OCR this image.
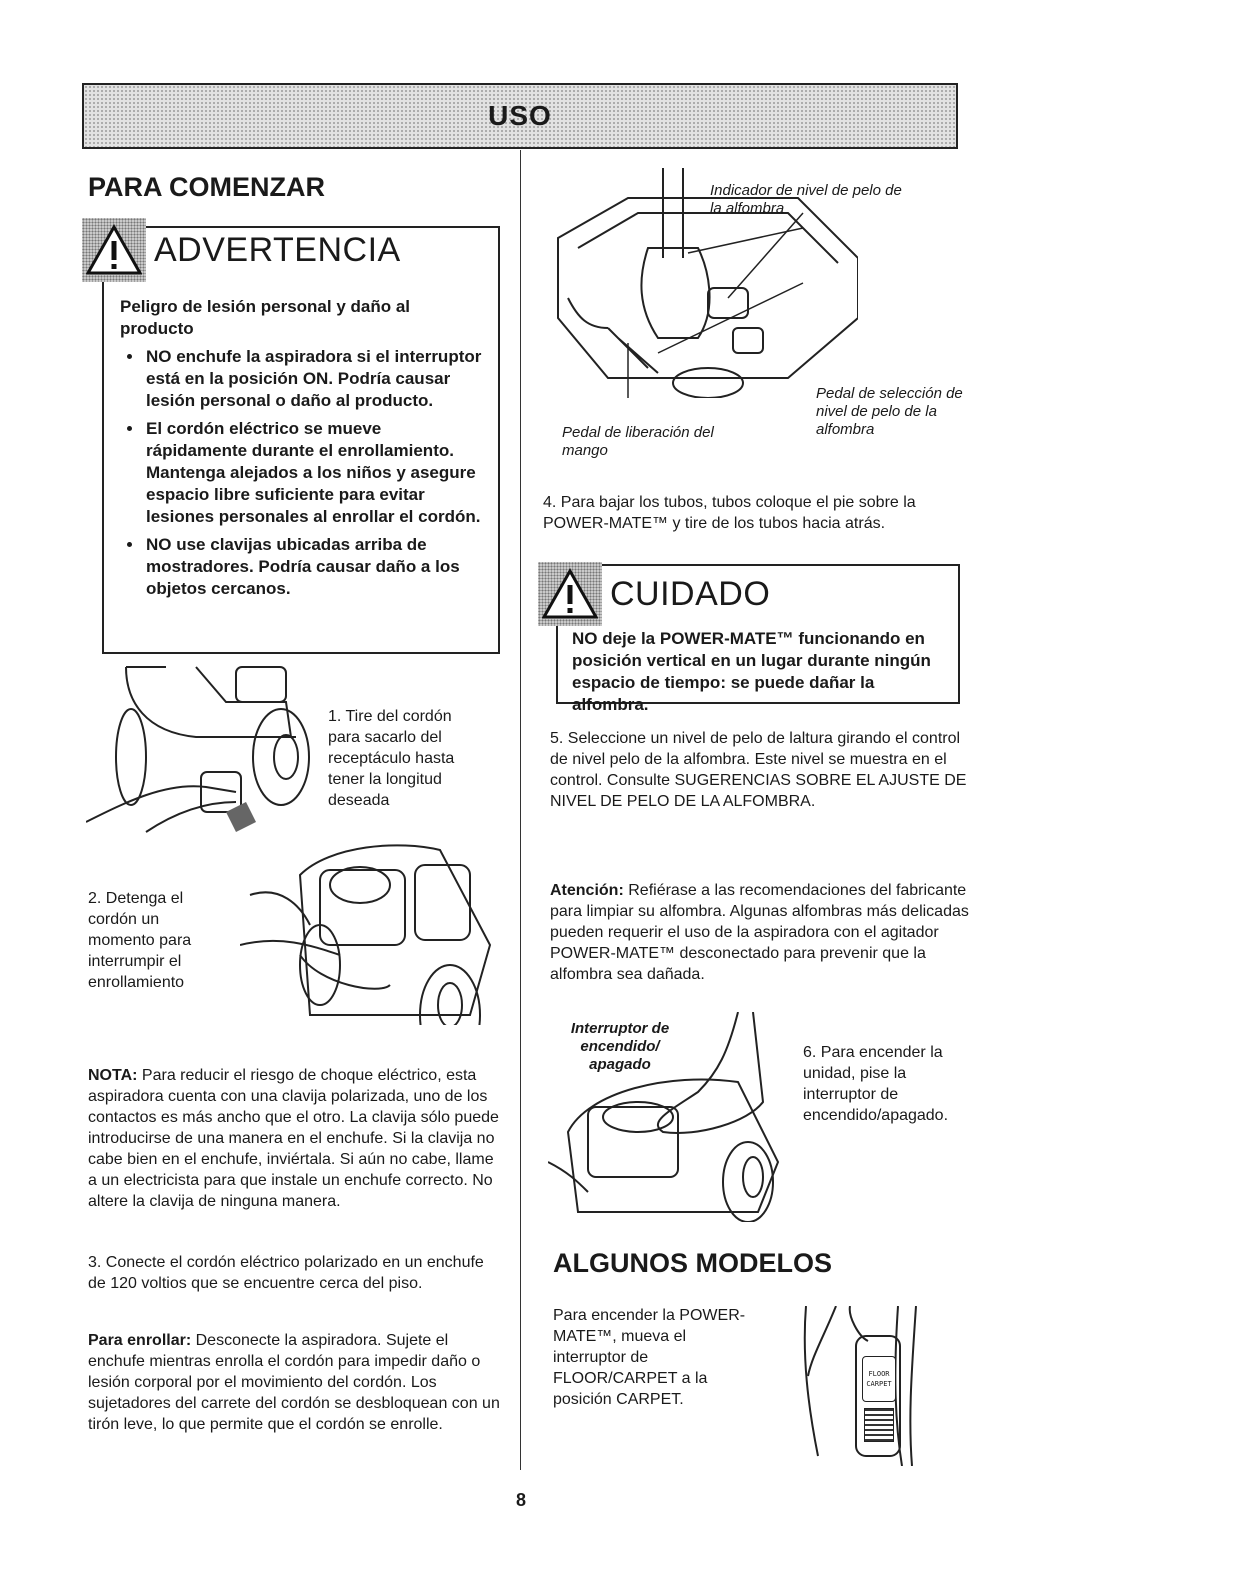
USO
PARA COMENZAR
ADVERTENCIA
Peligro de lesión personal y daño al producto
• NO enchufe la aspiradora si el interruptor está en la posición ON. Podría causar lesión personal o daño al producto.
• El cordón eléctrico se mueve rápidamente durante el enrollamiento. Mantenga alejados a los niños y asegure espacio libre suficiente para evitar lesiones personales al enrollar el cordón.
• NO use clavijas ubicadas arriba de mostradores. Podría causar daño a los objetos cercanos.
1. Tire del cordón para sacarlo del receptáculo hasta tener la longitud deseada
2. Detenga el cordón un momento para interrumpir el enrollamiento
NOTA: Para reducir el riesgo de choque eléctrico, esta aspiradora cuenta con una clavija polarizada, uno de los contactos es más ancho que el otro. La clavija sólo puede introducirse de una manera en el enchufe. Si la clavija no cabe bien en el enchufe, inviértala. Si aún no cabe, llame a un electricista para que instale un enchufe correcto. No altere la clavija de ninguna manera.
3. Conecte el cordón eléctrico polarizado en un enchufe de 120 voltios que se encuentre cerca del piso.
Para enrollar: Desconecte la aspiradora. Sujete el enchufe mientras enrolla el cordón para impedir daño o lesión corporal por el movimiento del cordón. Los sujetadores del carrete del cordón se desbloquean con un tirón leve, lo que permite que el cordón se enrolle.
Indicador de nivel de pelo de la alfombra
Pedal de liberación del mango
Pedal de selección de nivel de pelo de la alfombra
4. Para bajar los tubos, tubos coloque el pie sobre la POWER-MATE™ y tire de los tubos hacia atrás.
CUIDADO
NO deje la POWER-MATE™ funcionando en posición vertical en un lugar durante ningún espacio de tiempo: se puede dañar la alfombra.
5. Seleccione un nivel de pelo de laltura girando el control de nivel pelo de la alfombra. Este nivel se muestra en el control. Consulte SUGERENCIAS SOBRE EL AJUSTE DE NIVEL DE PELO DE LA ALFOMBRA.
Atención: Refiérase a las recomendaciones del fabricante para limpiar su alfombra. Algunas alfombras más delicadas pueden requerir el uso de la aspiradora con el agitador POWER-MATE™ desconectado para prevenir que la alfombra sea dañada.
Interruptor de encendido/ apagado
6. Para encender la unidad, pise la interruptor de encendido/apagado.
ALGUNOS MODELOS
Para encender la POWER-MATE™, mueva el interruptor de FLOOR/CARPET a la posición CARPET.
FLOOR
CARPET
8
